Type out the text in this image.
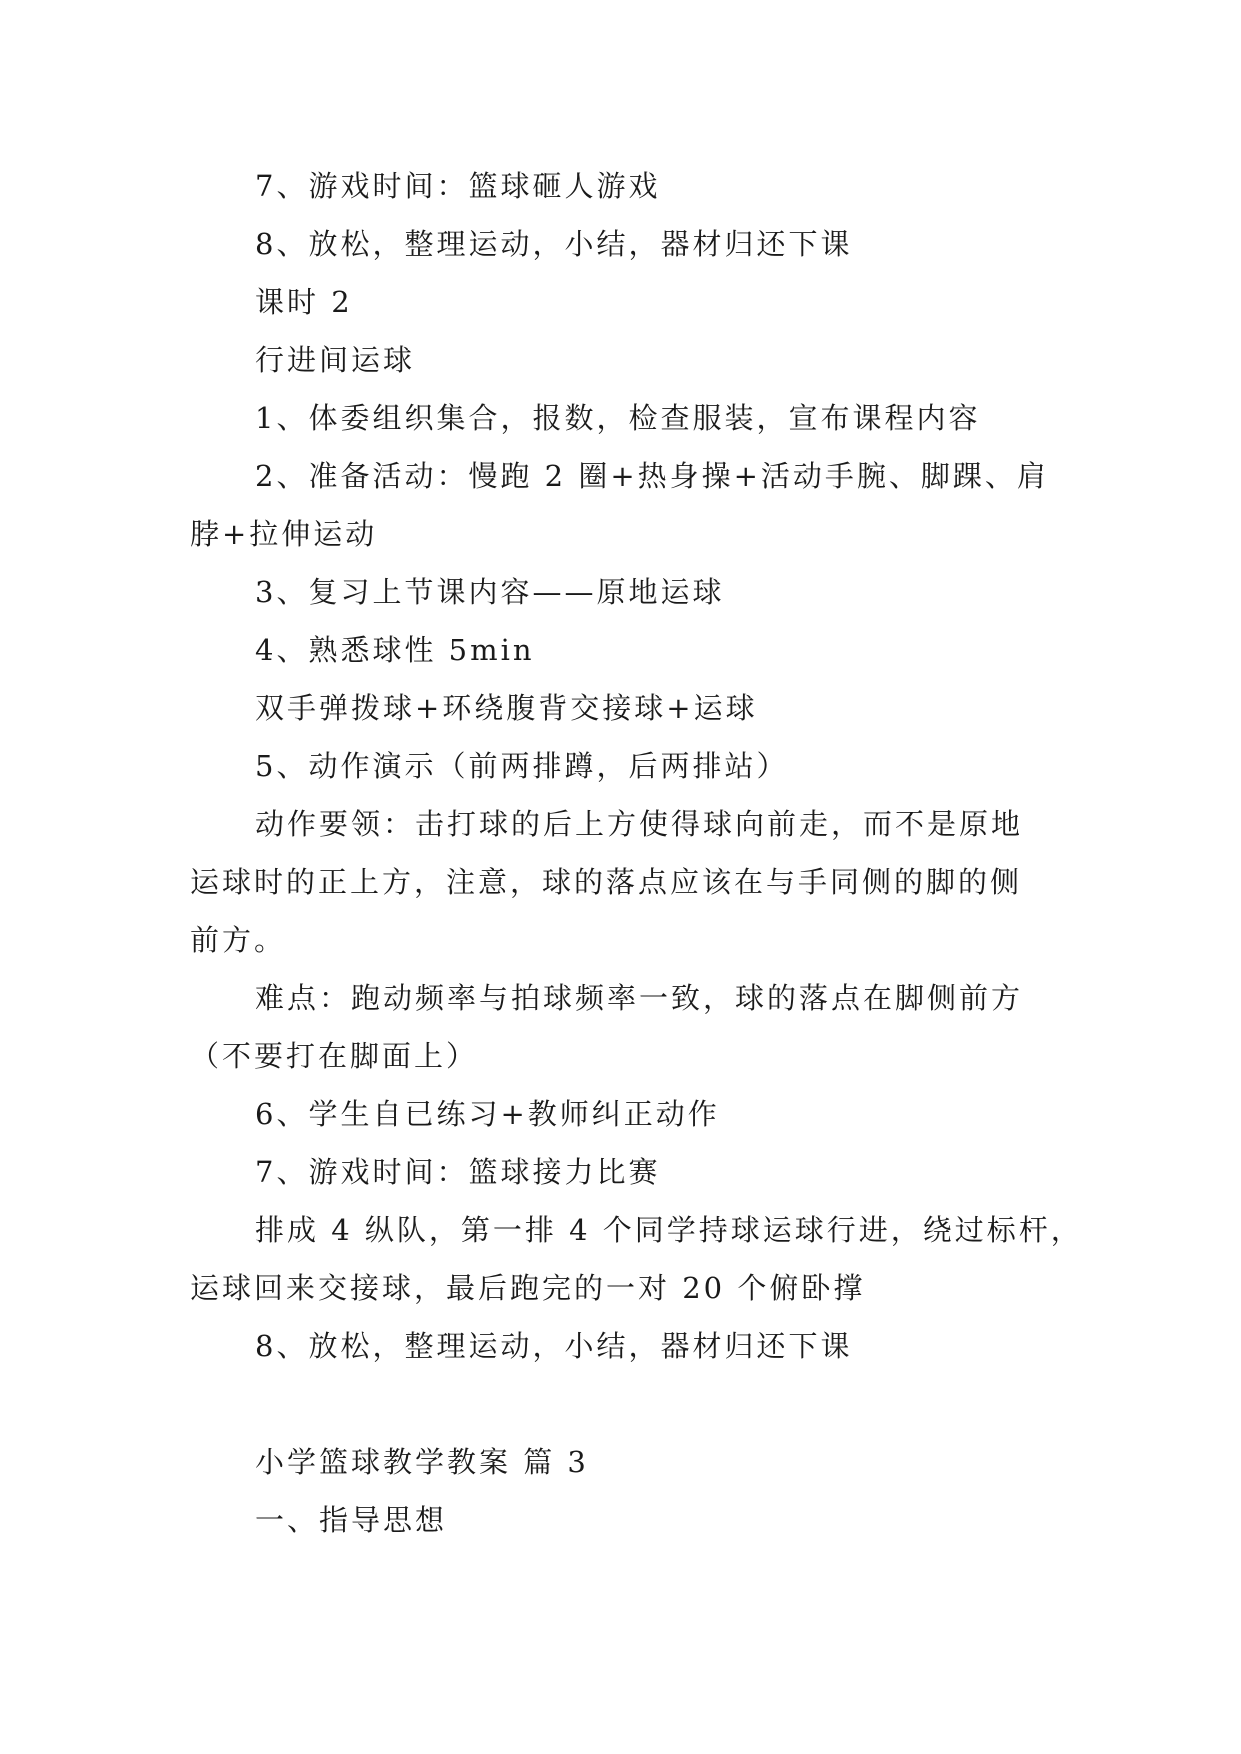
7、游戏时间：篮球砸人游戏
8、放松，整理运动，小结，器材归还下课
课时 2
行进间运球
1、体委组织集合，报数，检查服装，宣布课程内容
2、准备活动：慢跑 2 圈+热身操+活动手腕、脚踝、肩
脖+拉伸运动
3、复习上节课内容——原地运球
4、熟悉球性 5min
双手弹拨球+环绕腹背交接球+运球
5、动作演示（前两排蹲，后两排站）
动作要领：击打球的后上方使得球向前走，而不是原地
运球时的正上方，注意，球的落点应该在与手同侧的脚的侧
前方。
难点：跑动频率与拍球频率一致，球的落点在脚侧前方
（不要打在脚面上）
6、学生自已练习+教师纠正动作
7、游戏时间：篮球接力比赛
排成 4 纵队，第一排 4 个同学持球运球行进，绕过标杆，
运球回来交接球，最后跑完的一对 20 个俯卧撑
8、放松，整理运动，小结，器材归还下课
小学篮球教学教案 篇 3
一、指导思想
